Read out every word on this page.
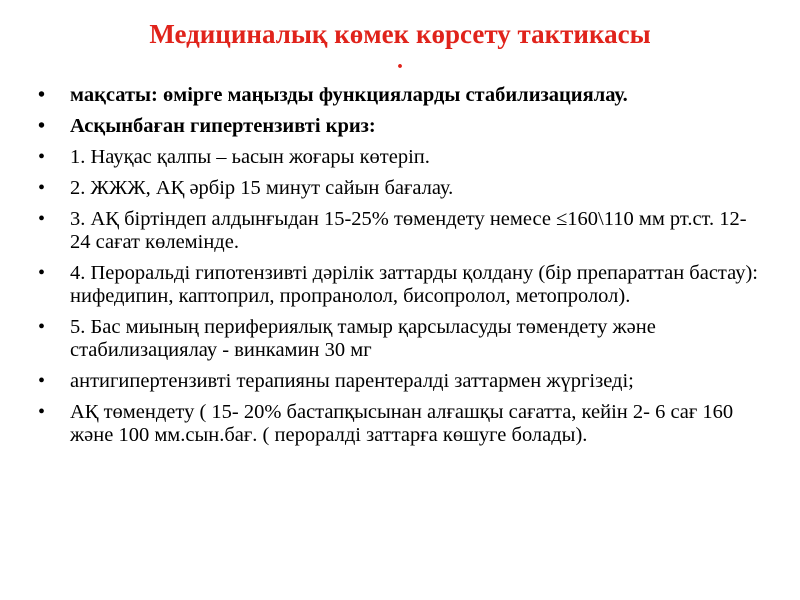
Медициналық көмек көрсету тактикасы
.
•	мақсаты: өмірге маңызды функцияларды стабилизациялау.
•	Асқынбаған гипертензивті криз:
•	1. Науқас қалпы – ьасын жоғары көтеріп.
•	2. ЖЖЖ, АҚ әрбір 15 минут сайын бағалау.
•	3. АҚ біртіндеп алдынғыдан 15-25% төмендету немесе ≤160\110 мм рт.ст. 12-24 сағат көлемінде.
•	4. Пероральді гипотензивті дәрілік заттарды қолдану (бір препараттан бастау): нифедипин, каптоприл, пропранолол, бисопролол, метопролол).
•	5. Бас миының перифериялық тамыр қарсыласуды төмендету және стабилизациялау - винкамин 30 мг
•	антигипертензивті терапияны парентералді заттармен жүргізеді;
•	АҚ төмендету ( 15- 20% бастапқысынан алғашқы сағатта, кейін 2- 6 сағ 160 және 100 мм.сын.бағ. ( пероралді заттарға көшуге болады).
